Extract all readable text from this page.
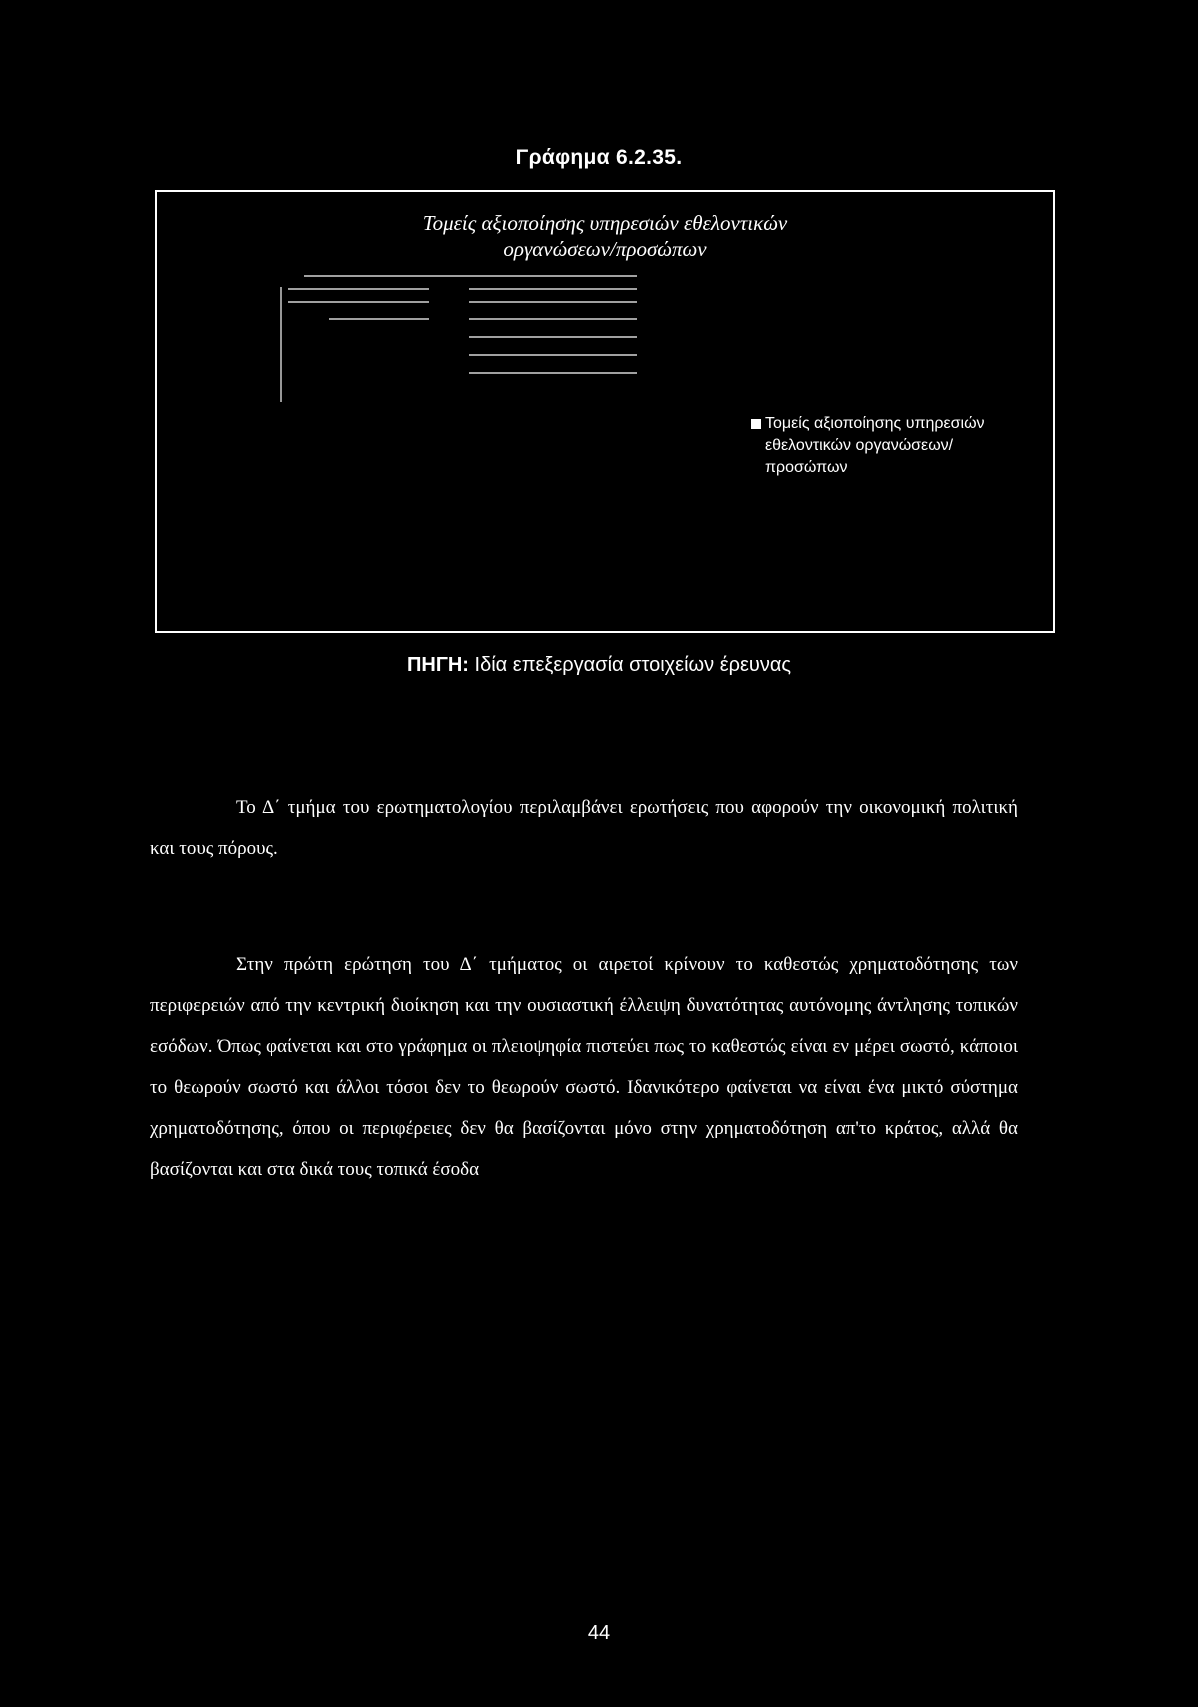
Γράφημα 6.2.35.
Τομείς αξιοποίησης υπηρεσιών εθελοντικών
οργανώσεων/προσώπων
Τομείς αξιοποίησης υπηρεσιών εθελοντικών οργανώσεων/προσώπων
ΠΗΓΗ: Ιδία επεξεργασία στοιχείων έρευνας

Το Δ΄ τμήμα του ερωτηματολογίου περιλαμβάνει ερωτήσεις που αφορούν την οικονομική πολιτική και τους πόρους.

Στην πρώτη ερώτηση του Δ΄ τμήματος οι αιρετοί κρίνουν το καθεστώς χρηματοδότησης των περιφερειών από την κεντρική διοίκηση και την ουσιαστική έλλειψη δυνατότητας αυτόνομης άντλησης τοπικών εσόδων. Όπως φαίνεται και στο γράφημα οι πλειοψηφία πιστεύει πως το καθεστώς είναι εν μέρει σωστό, κάποιοι το θεωρούν σωστό και άλλοι τόσοι δεν το θεωρούν σωστό. Ιδανικότερο φαίνεται να είναι ένα μικτό σύστημα χρηματοδότησης, όπου οι περιφέρειες δεν θα βασίζονται μόνο στην χρηματοδότηση απ'το κράτος, αλλά θα βασίζονται και στα δικά τους τοπικά έσοδα

44
